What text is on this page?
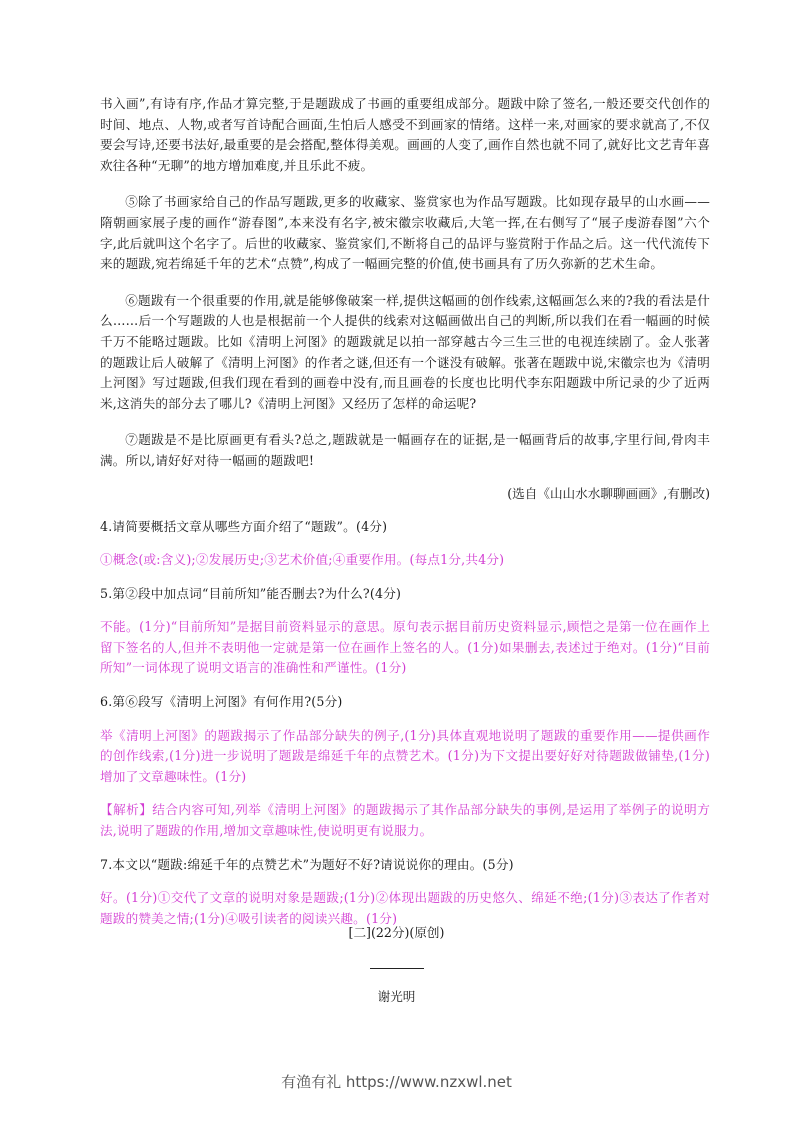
书入画”,有诗有序,作品才算完整,于是题跋成了书画的重要组成部分。题跋中除了签名,一般还要交代创作的时间、地点、人物,或者写首诗配合画面,生怕后人感受不到画家的情绪。这样一来,对画家的要求就高了,不仅要会写诗,还要书法好,最重要的是会搭配,整体得美观。画画的人变了,画作自然也就不同了,就好比文艺青年喜欢往各种“无聊”的地方增加难度,并且乐此不疲。

⑤除了书画家给自己的作品写题跋,更多的收藏家、鉴赏家也为作品写题跋。比如现存最早的山水画——隋朝画家展子虔的画作“游春图”,本来没有名字,被宋徽宗收藏后,大笔一挥,在右侧写了“展子虔游春图”六个字,此后就叫这个名字了。后世的收藏家、鉴赏家们,不断将自己的品评与鉴赏附于作品之后。这一代代流传下来的题跋,宛若绵延千年的艺术“点赞”,构成了一幅画完整的价值,使书画具有了历久弥新的艺术生命。

⑥题跋有一个很重要的作用,就是能够像破案一样,提供这幅画的创作线索,这幅画怎么来的?我的看法是什么……后一个写题跋的人也是根据前一个人提供的线索对这幅画做出自己的判断,所以我们在看一幅画的时候千万不能略过题跋。比如《清明上河图》的题跋就足以拍一部穿越古今三生三世的电视连续剧了。金人张著的题跋让后人破解了《清明上河图》的作者之谜,但还有一个谜没有破解。张著在题跋中说,宋徽宗也为《清明上河图》写过题跋,但我们现在看到的画卷中没有,而且画卷的长度也比明代李东阳题跋中所记录的少了近两米,这消失的部分去了哪儿?《清明上河图》又经历了怎样的命运呢?

⑦题跋是不是比原画更有看头?总之,题跋就是一幅画存在的证据,是一幅画背后的故事,字里行间,骨肉丰满。所以,请好好对待一幅画的题跋吧!

(选自《山山水水聊聊画画》,有删改)

4.请简要概括文章从哪些方面介绍了“题跋”。(4分)

①概念(或:含义);②发展历史;③艺术价值;④重要作用。(每点1分,共4分)

5.第②段中加点词“目前所知”能否删去?为什么?(4分)

不能。(1分)“目前所知”是据目前资料显示的意思。原句表示据目前历史资料显示,顾恺之是第一位在画作上留下签名的人,但并不表明他一定就是第一位在画作上签名的人。(1分)如果删去,表述过于绝对。(1分)“目前所知”一词体现了说明文语言的准确性和严谨性。(1分)

6.第⑥段写《清明上河图》有何作用?(5分)

举《清明上河图》的题跋揭示了作品部分缺失的例子,(1分)具体直观地说明了题跋的重要作用——提供画作的创作线索,(1分)进一步说明了题跋是绵延千年的点赞艺术。(1分)为下文提出要好好对待题跋做铺垫,(1分)增加了文章趣味性。(1分)

【解析】结合内容可知,列举《清明上河图》的题跋揭示了其作品部分缺失的事例,是运用了举例子的说明方法,说明了题跋的作用,增加文章趣味性,使说明更有说服力。

7.本文以“题跋:绵延千年的点赞艺术”为题好不好?请说说你的理由。(5分)

好。(1分)①交代了文章的说明对象是题跋;(1分)②体现出题跋的历史悠久、绵延不绝;(1分)③表达了作者对题跋的赞美之情;(1分)④吸引读者的阅读兴趣。(1分)

[二](22分)(原创)
谢光明
有渔有礼 https://www.nzxwl.net
